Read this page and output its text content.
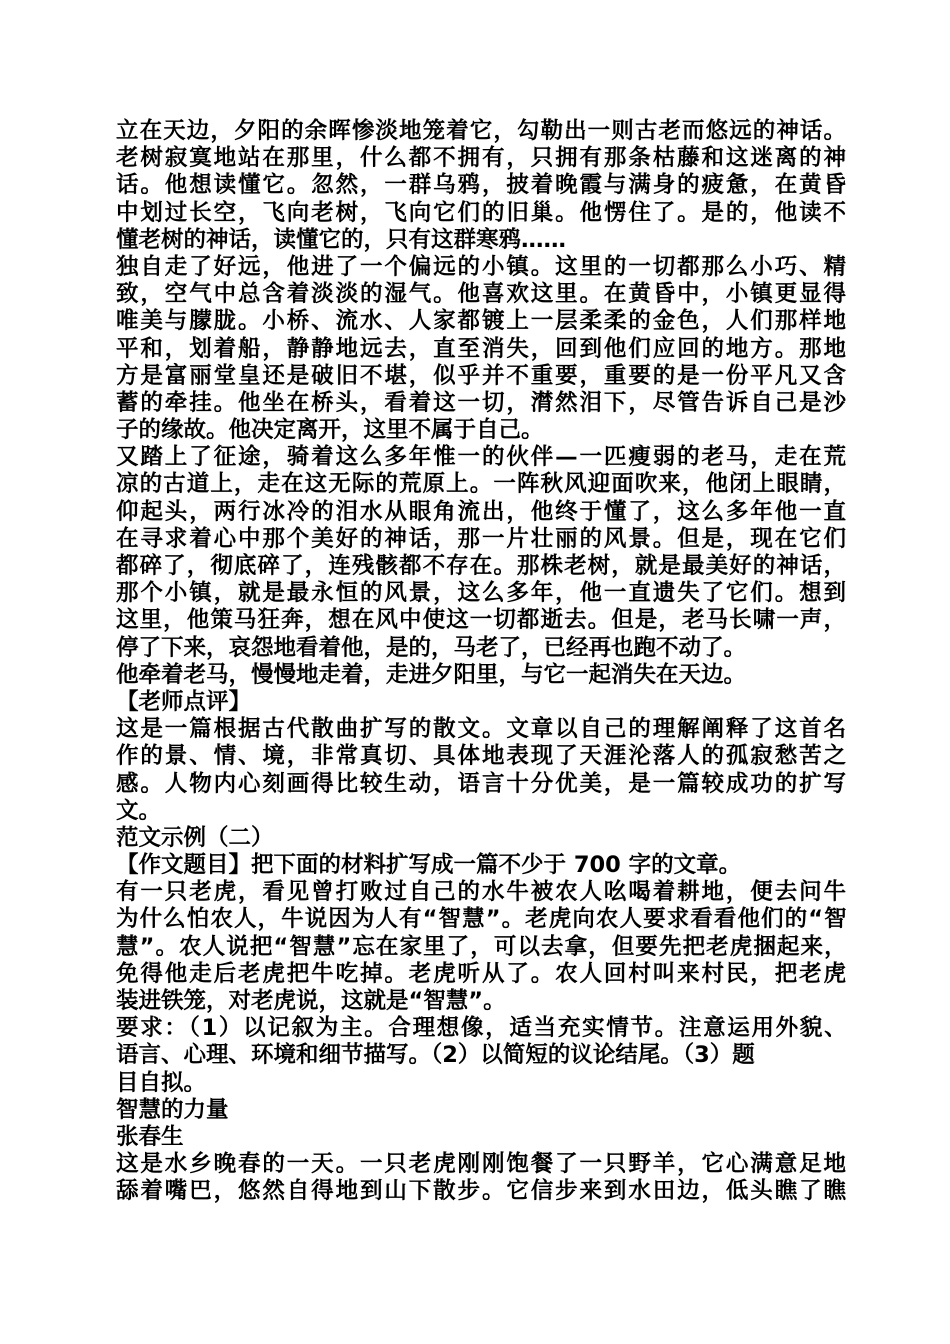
立在天边，夕阳的余晖惨淡地笼着它，勾勒出一则古老而悠远的神话。
老树寂寞地站在那里，什么都不拥有，只拥有那条枯藤和这迷离的神
话。他想读懂它。忽然，一群乌鸦，披着晚霞与满身的疲惫，在黄昏
中划过长空，飞向老树，飞向它们的旧巢。他愣住了。是的，他读不
懂老树的神话，读懂它的，只有这群寒鸦……
独自走了好远，他进了一个偏远的小镇。这里的一切都那么小巧、精
致，空气中总含着淡淡的湿气。他喜欢这里。在黄昏中，小镇更显得
唯美与朦胧。小桥、流水、人家都镀上一层柔柔的金色，人们那样地
平和，划着船，静静地远去，直至消失，回到他们应回的地方。那地
方是富丽堂皇还是破旧不堪，似乎并不重要，重要的是一份平凡又含
蓄的牵挂。他坐在桥头，看着这一切，潸然泪下，尽管告诉自己是沙
子的缘故。他决定离开，这里不属于自己。
又踏上了征途，骑着这么多年惟一的伙伴—一匹瘦弱的老马，走在荒
凉的古道上，走在这无际的荒原上。一阵秋风迎面吹来，他闭上眼睛，
仰起头，两行冰冷的泪水从眼角流出，他终于懂了，这么多年他一直
在寻求着心中那个美好的神话，那一片壮丽的风景。但是，现在它们
都碎了，彻底碎了，连残骸都不存在。那株老树，就是最美好的神话，
那个小镇，就是最永恒的风景，这么多年，他一直遗失了它们。想到
这里，他策马狂奔，想在风中使这一切都逝去。但是，老马长啸一声，
停了下来，哀怨地看着他，是的，马老了，已经再也跑不动了。
他牵着老马，慢慢地走着，走进夕阳里，与它一起消失在天边。
【老师点评】
这是一篇根据古代散曲扩写的散文。文章以自己的理解阐释了这首名
作的景、情、境，非常真切、具体地表现了天涯沦落人的孤寂愁苦之
感。人物内心刻画得比较生动，语言十分优美，是一篇较成功的扩写
文。
范文示例（二）
【作文题目】把下面的材料扩写成一篇不少于 700 字的文章。
有一只老虎，看见曾打败过自己的水牛被农人吆喝着耕地，便去问牛
为什么怕农人，牛说因为人有“智慧”。老虎向农人要求看看他们的“智
慧”。农人说把“智慧”忘在家里了，可以去拿，但要先把老虎捆起来，
免得他走后老虎把牛吃掉。老虎听从了。农人回村叫来村民，把老虎
装进铁笼，对老虎说，这就是“智慧”。
要求：（1）以记叙为主。合理想像，适当充实情节。注意运用外貌、
语言、心理、环境和细节描写。（2）以简短的议论结尾。（3）题
目自拟。
智慧的力量
张春生
这是水乡晚春的一天。一只老虎刚刚饱餐了一只野羊，它心满意足地
舔着嘴巴，悠然自得地到山下散步。它信步来到水田边，低头瞧了瞧
